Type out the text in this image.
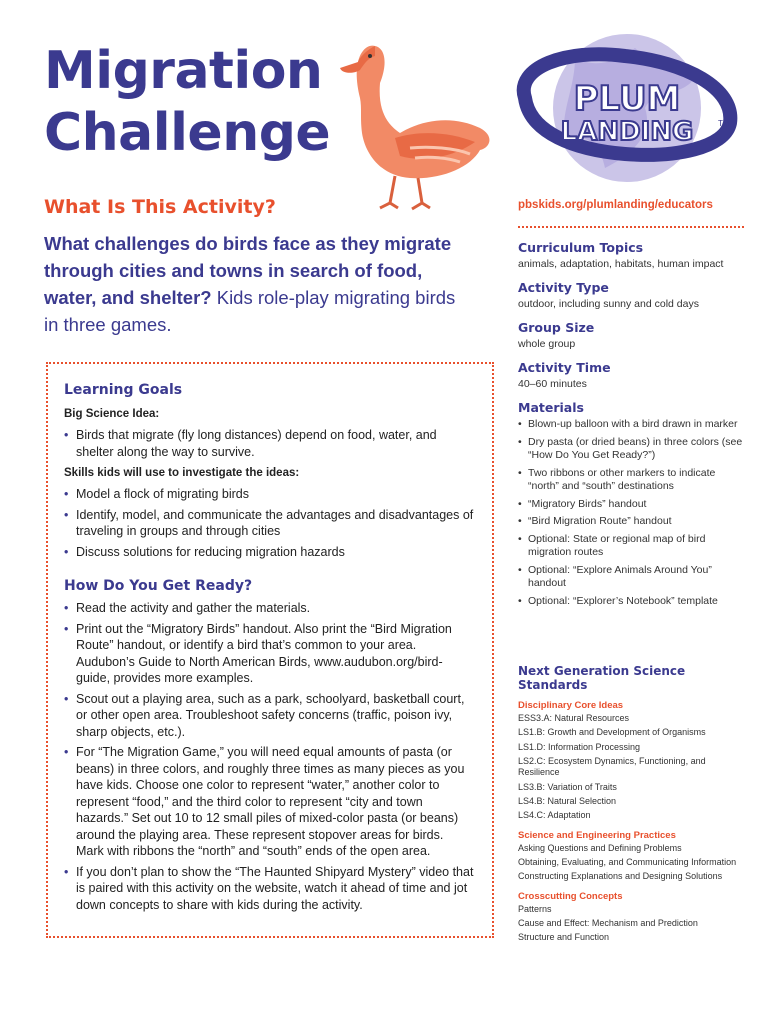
Migration
Challenge
PLUM
LANDING	TM
What Is This Activity?
What challenges do birds face as they migrate through cities and towns in search of food, water, and shelter? Kids role-play migrating birds in three games.
Learning Goals
Big Science Idea:
• Birds that migrate (fly long distances) depend on food, water, and shelter along the way to survive.
Skills kids will use to investigate the ideas:
• Model a flock of migrating birds
• Identify, model, and communicate the advantages and disadvantages of traveling in groups and through cities
• Discuss solutions for reducing migration hazards
How Do You Get Ready?
• Read the activity and gather the materials.
• Print out the “Migratory Birds” handout. Also print the “Bird Migration Route” handout, or identify a bird that’s common to your area. Audubon’s Guide to North American Birds, www.audubon.org/bird-guide, provides more examples.
• Scout out a playing area, such as a park, schoolyard, basketball court, or other open area. Troubleshoot safety concerns (traffic, poison ivy, sharp objects, etc.).
• For “The Migration Game,” you will need equal amounts of pasta (or beans) in three colors, and roughly three times as many pieces as you have kids. Choose one color to represent “water,” another color to represent “food,” and the third color to represent “city and town hazards.” Set out 10 to 12 small piles of mixed-color pasta (or beans) around the playing area. These represent stopover areas for birds. Mark with ribbons the “north” and “south” ends of the open area.
• If you don’t plan to show the “The Haunted Shipyard Mystery” video that is paired with this activity on the website, watch it ahead of time and jot down concepts to share with kids during the activity.
pbskids.org/plumlanding/educators
Curriculum Topics
animals, adaptation, habitats, human impact
Activity Type
outdoor, including sunny and cold days
Group Size
whole group
Activity Time
40–60 minutes
Materials
• Blown-up balloon with a bird drawn in marker
• Dry pasta (or dried beans) in three colors (see “How Do You Get Ready?”)
• Two ribbons or other markers to indicate “north” and “south” destinations
• “Migratory Birds” handout
• “Bird Migration Route” handout
• Optional: State or regional map of bird migration routes
• Optional: “Explore Animals Around You” handout
• Optional: “Explorer’s Notebook” template
Next Generation Science Standards
Disciplinary Core Ideas
ESS3.A: Natural Resources
LS1.B: Growth and Development of Organisms
LS1.D: Information Processing
LS2.C: Ecosystem Dynamics, Functioning, and Resilience
LS3.B: Variation of Traits
LS4.B: Natural Selection
LS4.C: Adaptation
Science and Engineering Practices
Asking Questions and Defining Problems
Obtaining, Evaluating, and Communicating Information
Constructing Explanations and Designing Solutions
Crosscutting Concepts
Patterns
Cause and Effect: Mechanism and Prediction
Structure and Function
